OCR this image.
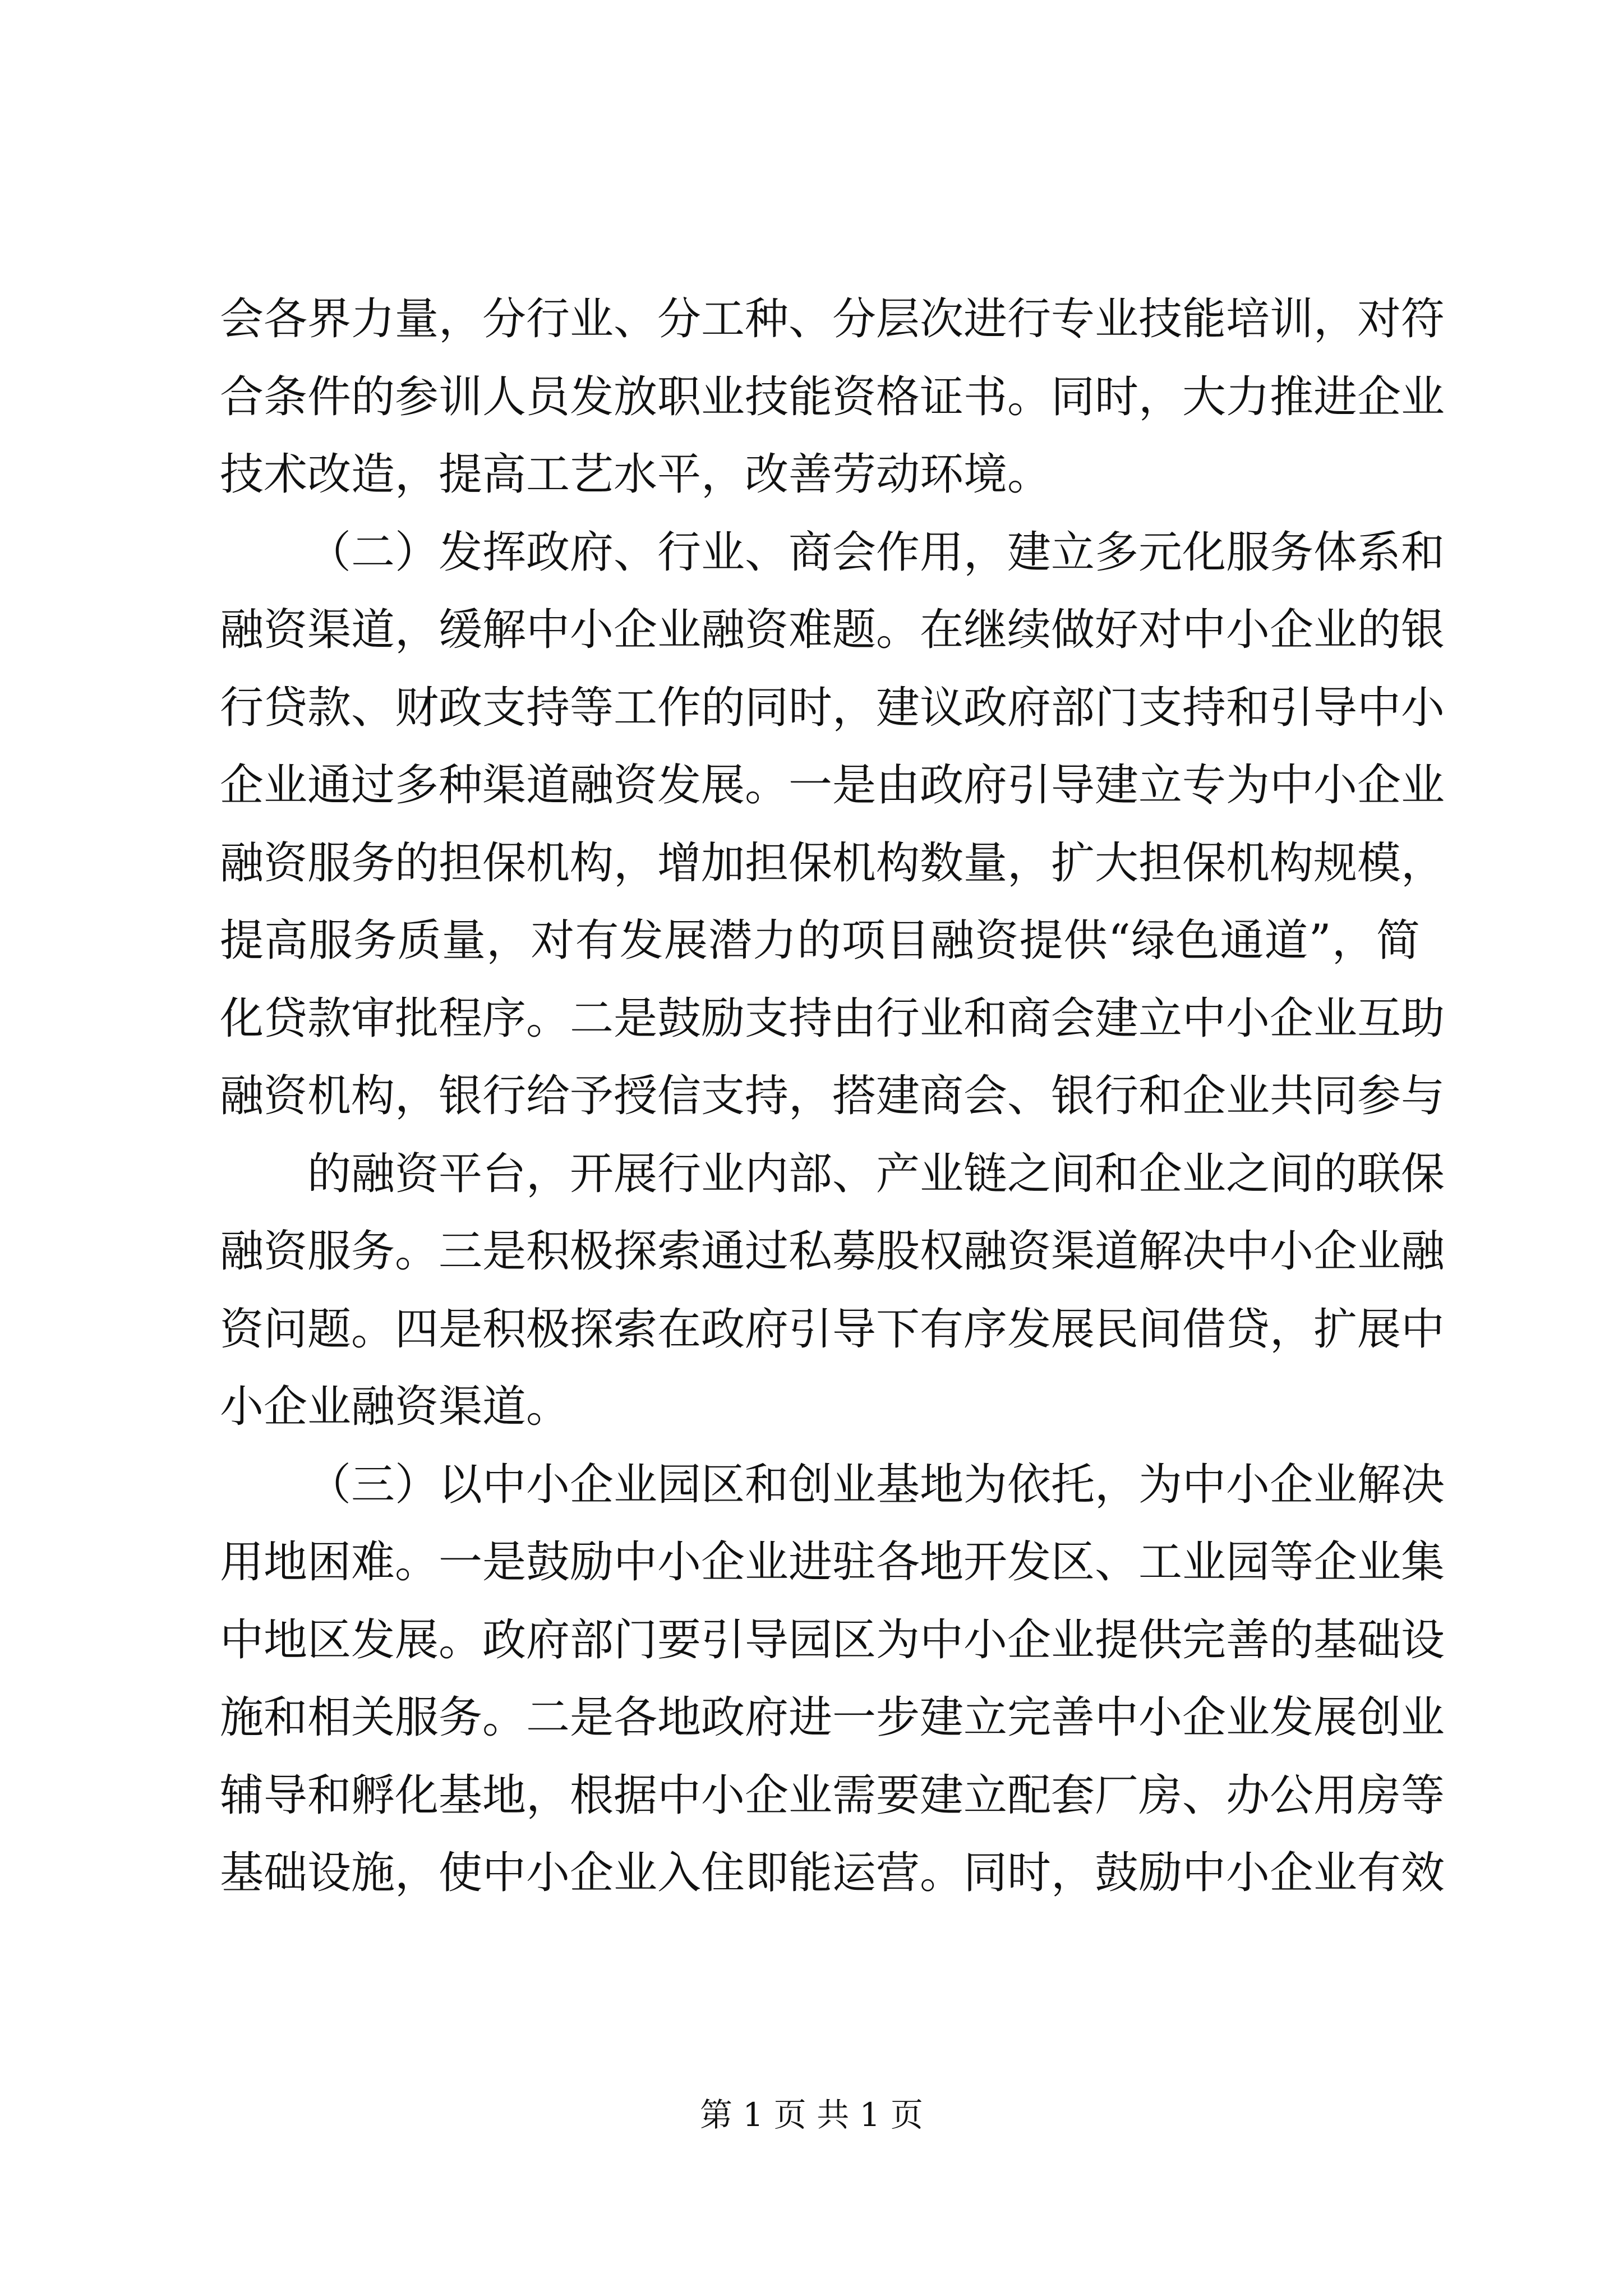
会各界力量，分行业、分工种、分层次进行专业技能培训，对符
合条件的参训人员发放职业技能资格证书。同时，大力推进企业
技术改造，提高工艺水平，改善劳动环境。
（二）发挥政府、行业、商会作用，建立多元化服务体系和
融资渠道，缓解中小企业融资难题。在继续做好对中小企业的银
行贷款、财政支持等工作的同时，建议政府部门支持和引导中小
企业通过多种渠道融资发展。一是由政府引导建立专为中小企业
融资服务的担保机构，增加担保机构数量，扩大担保机构规模，
提高服务质量，对有发展潜力的项目融资提供“绿色通道”，简
化贷款审批程序。二是鼓励支持由行业和商会建立中小企业互助
融资机构，银行给予授信支持，搭建商会、银行和企业共同参与
的融资平台，开展行业内部、产业链之间和企业之间的联保
融资服务。三是积极探索通过私募股权融资渠道解决中小企业融
资问题。四是积极探索在政府引导下有序发展民间借贷，扩展中
小企业融资渠道。
（三）以中小企业园区和创业基地为依托，为中小企业解决
用地困难。一是鼓励中小企业进驻各地开发区、工业园等企业集
中地区发展。政府部门要引导园区为中小企业提供完善的基础设
施和相关服务。二是各地政府进一步建立完善中小企业发展创业
辅导和孵化基地，根据中小企业需要建立配套厂房、办公用房等
基础设施，使中小企业入住即能运营。同时，鼓励中小企业有效
第 1 页 共 1 页
